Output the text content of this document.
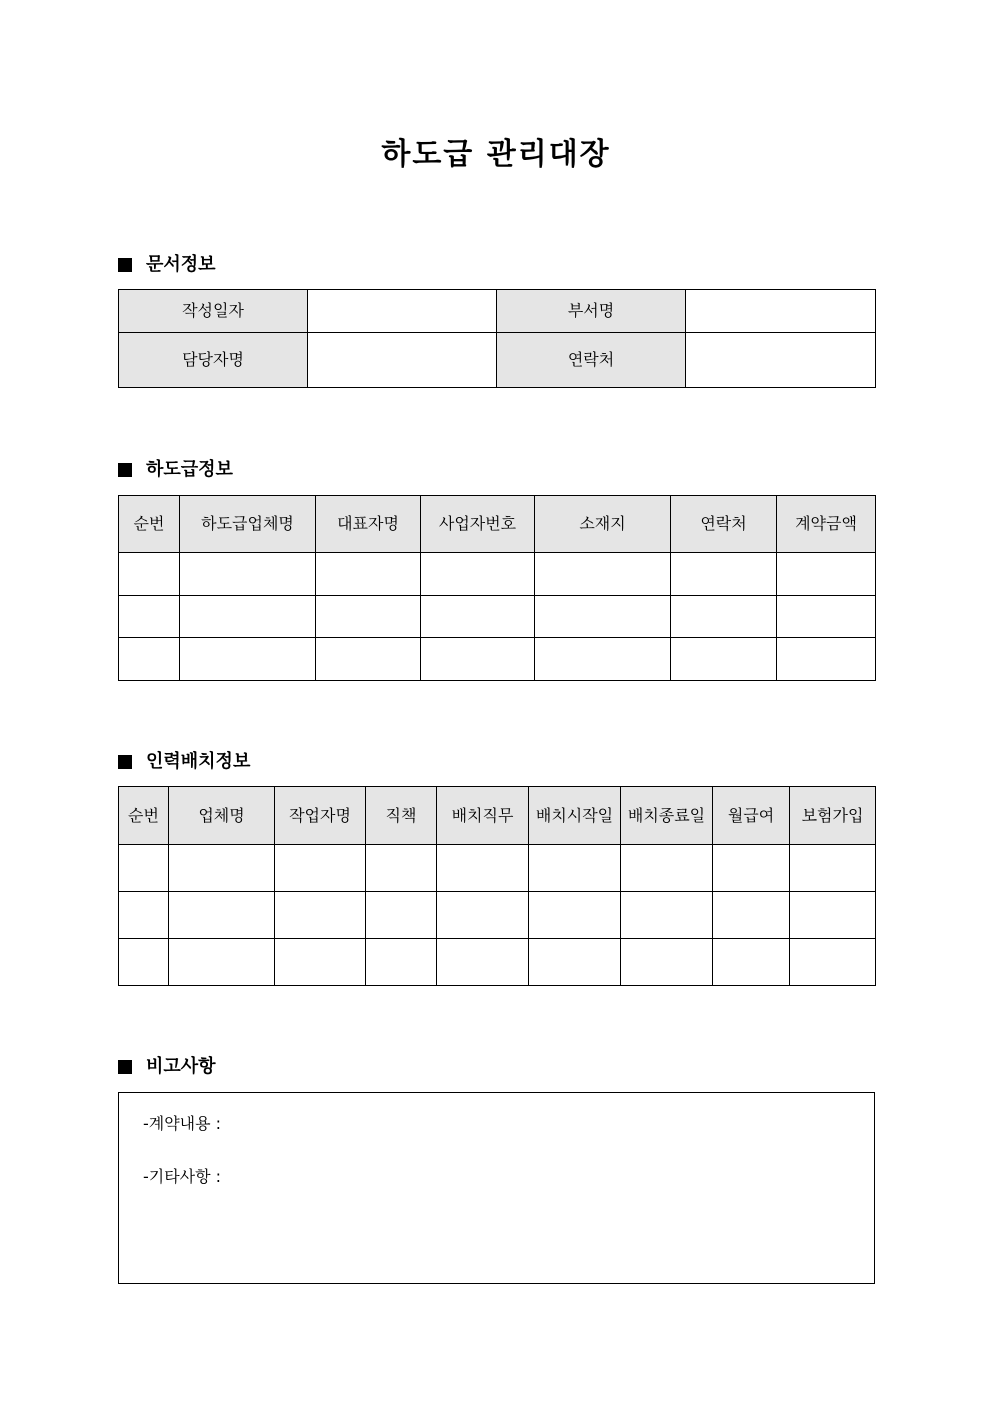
하도급 관리대장
문서정보
작성일자		부서명	
담당자명		연락처	
하도급정보
순번	하도급업체명	대표자명	사업자번호	소재지	연락처	계약금액

인력배치정보
순번	업체명	작업자명	직책	배치직무	배치시작일	배치종료일	월급여	보험가입

비고사항
-계약내용 :
-기타사항 :
